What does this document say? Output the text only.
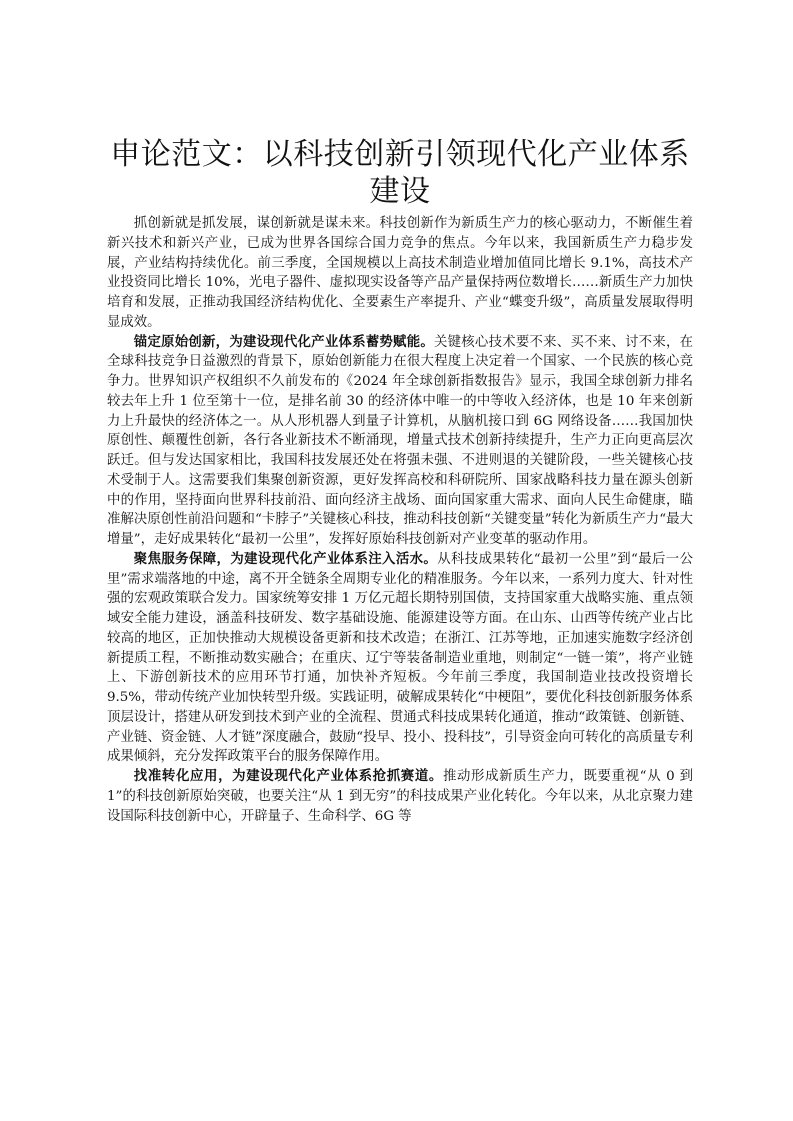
申论范文：以科技创新引领现代化产业体系建设

抓创新就是抓发展，谋创新就是谋未来。科技创新作为新质生产力的核心驱动力，不断催生着新兴技术和新兴产业，已成为世界各国综合国力竞争的焦点。今年以来，我国新质生产力稳步发展，产业结构持续优化。前三季度，全国规模以上高技术制造业增加值同比增长 9.1%，高技术产业投资同比增长 10%，光电子器件、虚拟现实设备等产品产量保持两位数增长……新质生产力加快培育和发展，正推动我国经济结构优化、全要素生产率提升、产业“蝶变升级”，高质量发展取得明显成效。

锚定原始创新，为建设现代化产业体系蓄势赋能。关键核心技术要不来、买不来、讨不来，在全球科技竞争日益激烈的背景下，原始创新能力在很大程度上决定着一个国家、一个民族的核心竞争力。世界知识产权组织不久前发布的《2024 年全球创新指数报告》显示，我国全球创新力排名较去年上升 1 位至第十一位，是排名前 30 的经济体中唯一的中等收入经济体，也是 10 年来创新力上升最快的经济体之一。从人形机器人到量子计算机，从脑机接口到 6G 网络设备……我国加快原创性、颠覆性创新，各行各业新技术不断涌现，增量式技术创新持续提升，生产力正向更高层次跃迁。但与发达国家相比，我国科技发展还处在将强未强、不进则退的关键阶段，一些关键核心技术受制于人。这需要我们集聚创新资源，更好发挥高校和科研院所、国家战略科技力量在源头创新中的作用，坚持面向世界科技前沿、面向经济主战场、面向国家重大需求、面向人民生命健康，瞄准解决原创性前沿问题和“卡脖子”关键核心科技，推动科技创新“关键变量”转化为新质生产力“最大增量”，走好成果转化“最初一公里”，发挥好原始科技创新对产业变革的驱动作用。

聚焦服务保障，为建设现代化产业体系注入活水。从科技成果转化“最初一公里”到“最后一公里”需求端落地的中途，离不开全链条全周期专业化的精准服务。今年以来，一系列力度大、针对性强的宏观政策联合发力。国家统筹安排 1 万亿元超长期特别国债，支持国家重大战略实施、重点领域安全能力建设，涵盖科技研发、数字基础设施、能源建设等方面。在山东、山西等传统产业占比较高的地区，正加快推动大规模设备更新和技术改造；在浙江、江苏等地，正加速实施数字经济创新提质工程，不断推动数实融合；在重庆、辽宁等装备制造业重地，则制定“一链一策”，将产业链上、下游创新技术的应用环节打通，加快补齐短板。今年前三季度，我国制造业技改投资增长 9.5%，带动传统产业加快转型升级。实践证明，破解成果转化“中梗阻”，要优化科技创新服务体系顶层设计，搭建从研发到技术到产业的全流程、贯通式科技成果转化通道，推动“政策链、创新链、产业链、资金链、人才链”深度融合，鼓励“投早、投小、投科技”，引导资金向可转化的高质量专利成果倾斜，充分发挥政策平台的服务保障作用。

找准转化应用，为建设现代化产业体系抢抓赛道。推动形成新质生产力，既要重视“从 0 到 1”的科技创新原始突破，也要关注“从 1 到无穷”的科技成果产业化转化。今年以来，从北京聚力建设国际科技创新中心，开辟量子、生命科学、6G 等
